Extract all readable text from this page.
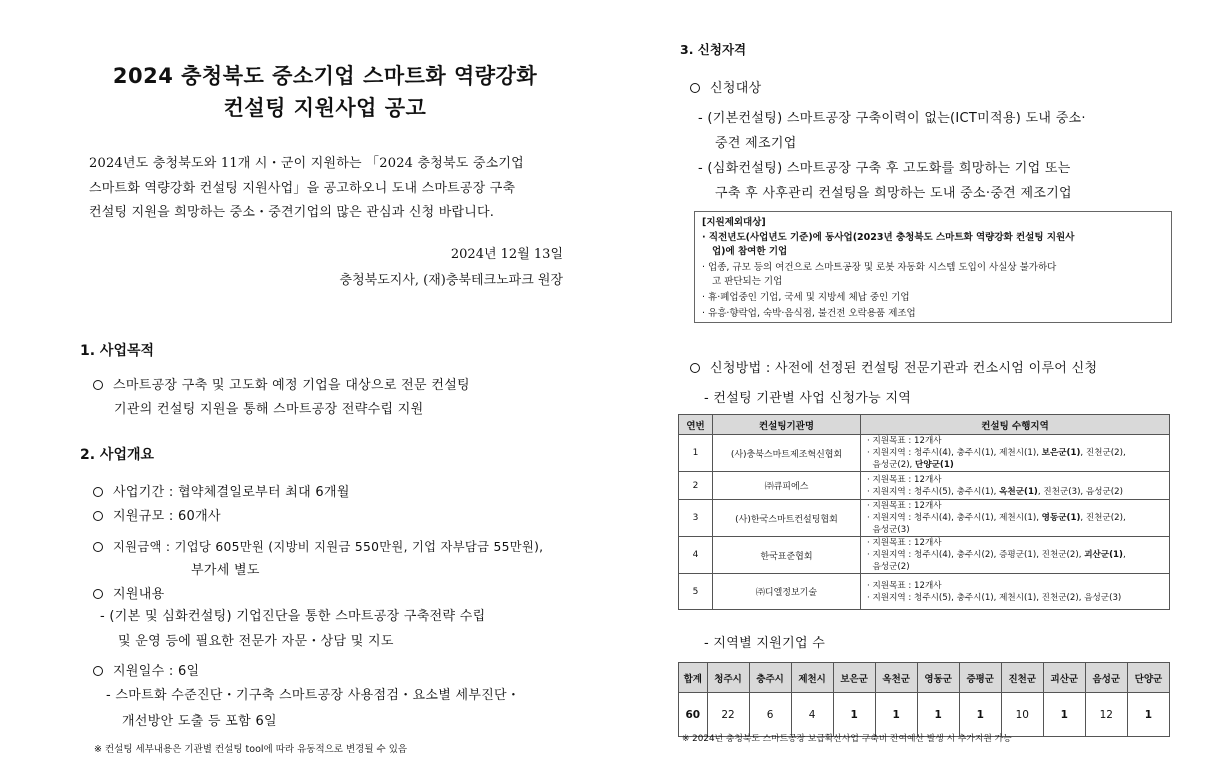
2024 충청북도 중소기업 스마트화 역량강화
컨설팅 지원사업 공고
2024년도 충청북도와 11개 시・군이 지원하는 「2024 충청북도 중소기업
스마트화 역량강화 컨설팅 지원사업」을 공고하오니 도내 스마트공장 구축
컨설팅 지원을 희망하는 중소・중견기업의 많은 관심과 신청 바랍니다.
2024년 12월 13일
충청북도지사, (재)충북테크노파크 원장
1. 사업목적
스마트공장 구축 및 고도화 예정 기업을 대상으로 전문 컨설팅
기관의 컨설팅 지원을 통해 스마트공장 전략수립 지원
2. 사업개요
사업기간 : 협약체결일로부터 최대 6개월
지원규모 : 60개사
지원금액 : 기업당 605만원 (지방비 지원금 550만원, 기업 자부담금 55만원),
부가세 별도
지원내용
- (기본 및 심화컨설팅) 기업진단을 통한 스마트공장 구축전략 수립
및 운영 등에 필요한 전문가 자문・상담 및 지도
지원일수 : 6일
- 스마트화 수준진단・기구축 스마트공장 사용점검・요소별 세부진단・
개선방안 도출 등 포함 6일
※ 컨설팅 세부내용은 기관별 컨설팅 tool에 따라 유동적으로 변경될 수 있음
3. 신청자격
신청대상
- (기본컨설팅) 스마트공장 구축이력이 없는(ICT미적용) 도내 중소·
중견 제조기업
- (심화컨설팅) 스마트공장 구축 후 고도화를 희망하는 기업 또는
구축 후 사후관리 컨설팅을 희망하는 도내 중소·중견 제조기업
[지원제외대상]
· 직전년도(사업년도 기준)에 동사업(2023년 충청북도 스마트화 역량강화 컨설팅 지원사
업)에 참여한 기업
· 업종, 규모 등의 여건으로 스마트공장 및 로봇 자동화 시스템 도입이 사실상 불가하다
고 판단되는 기업
· 휴·폐업중인 기업, 국세 및 지방세 체납 중인 기업
· 유흥·향락업, 숙박·음식점, 불건전 오락용품 제조업
신청방법 : 사전에 선정된 컨설팅 전문기관과 컨소시엄 이루어 신청
- 컨설팅 기관별 사업 신청가능 지역
연번	컨설팅기관명	컨설팅 수행지역
1	(사)충북스마트제조혁신협회	· 지원목표 : 12개사
· 지원지역 : 청주시(4), 충주시(1), 제천시(1), 보은군(1), 진천군(2),
음성군(2), 단양군(1)

2	㈜큐피에스	· 지원목표 : 12개사
· 지원지역 : 청주시(5), 충주시(1), 옥천군(1), 진천군(3), 음성군(2)

3	(사)한국스마트컨설팅협회	· 지원목표 : 12개사
· 지원지역 : 청주시(4), 충주시(1), 제천시(1), 영동군(1), 진천군(2),
음성군(3)

4	한국표준협회	· 지원목표 : 12개사
· 지원지역 : 청주시(4), 충주시(2), 증평군(1), 진천군(2), 괴산군(1),
음성군(2)

5	㈜디엘정보기술	· 지원목표 : 12개사
· 지원지역 : 청주시(5), 충주시(1), 제천시(1), 진천군(2), 음성군(3)
- 지역별 지원기업 수
합계	청주시	충주시	제천시	보은군	옥천군	영동군	증평군	진천군	괴산군	음성군	단양군
60	22	6	4	1	1	1	1	10	1	12	1
※ 2024년 충청북도 스마트공장 보급확산사업 구축비 잔여예산 발생 시 추가지원 가능
